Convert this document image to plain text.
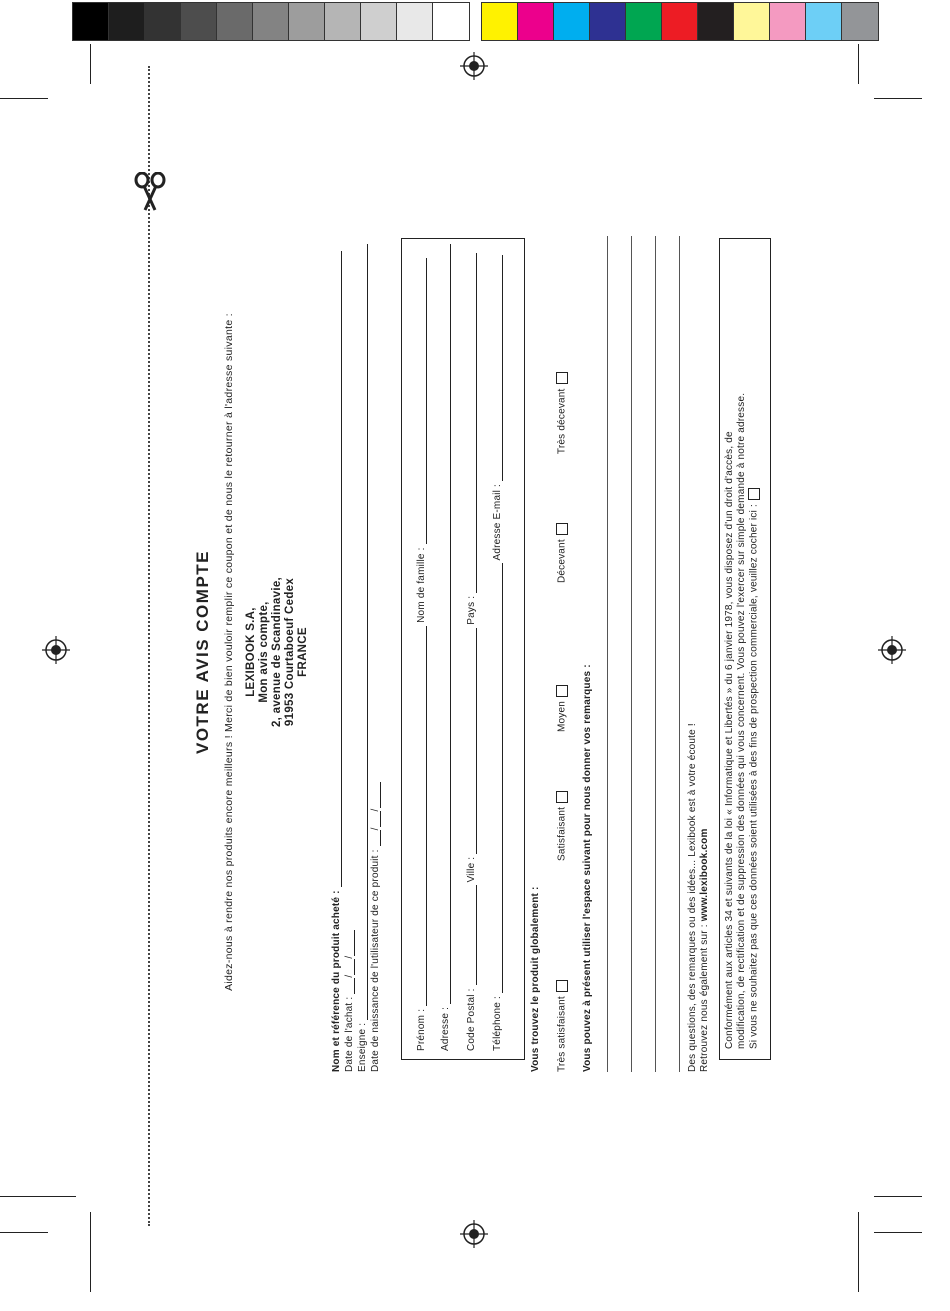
VOTRE AVIS COMPTE Aidez-nous à rendre nos produits encore meilleurs ! Merci de bien vouloir remplir ce coupon et de nous le retourner à l'adresse suivante : LEXIBOOK S.A, Mon avis compte, 2, avenue de Scandinavie, 91953 Courtaboeuf Cedex FRANCE
Nom et référence du produit acheté : Date de l'achat : //
Enseigne : Date de naissance de l'utilisateur de ce produit : //
Prénom :  Nom de famille :
Adresse : Code Postal :  Ville :  Pays :
Téléphone :  Adresse E-mail :
Vous trouvez le produit globalement : Très satisfaisant Satisfaisant Moyen Décevant Très décevant
Vous pouvez à présent utiliser l'espace suivant pour nous donner vos remarques :	Des questions, des remarques ou des idées... Lexibook est à votre écoute ! Retrouvez nous également sur : www.lexibook.com Conformément aux articles 34 et suivants de la loi « Informatique et Libertés » du 6 janvier 1978, vous disposez d'un droit d'accès, de modification, de rectification et de suppression des données qui vous concernent. Vous pouvez l'exercer sur simple demande à notre adresse. Si vous ne souhaitez pas que ces données soient utilisées à des fins de prospection commerciale, veuillez cocher ici :
